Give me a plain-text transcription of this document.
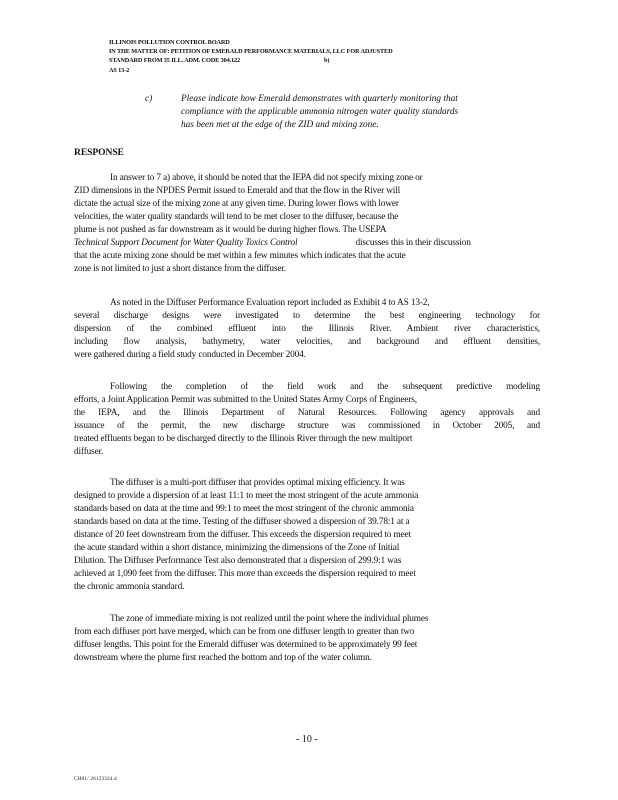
ILLINOIS POLLUTION CONTROL BOARD
IN THE MATTER OF: PETITION OF EMERALD PERFORMANCE MATERIALS, LLC FOR ADJUSTED
STANDARD FROM 35 ILL. ADM. CODE 304.122	b)
AS 13-2
c)	Please indicate how Emerald demonstrates with quarterly monitoring that
compliance with the applicable ammonia nitrogen water quality standards
has been met at the edge of the ZID and mixing zone.
RESPONSE
In answer to 7 a) above, it should be noted that the IEPA did not specify mixing zone or
ZID dimensions in the NPDES Permit issued to Emerald and that the flow in the River will
dictate the actual size of the mixing zone at any given time. During lower flows with lower
velocities, the water quality standards will tend to be met closer to the diffuser, because the
plume is not pushed as far downstream as it would be during higher flows. The USEPA
Technical Support Document for Water Quality Toxics Control	discusses this in their discussion
that the acute mixing zone should be met within a few minutes which indicates that the acute
zone is not limited to just a short distance from the diffuser.
As noted in the Diffuser Performance Evaluation report included as Exhibit 4 to AS 13-2,
several discharge designs were investigated to determine the best engineering technology for
dispersion of the combined effluent into the Illinois River. Ambient river characteristics,
including flow analysis, bathymetry, water velocities, and background and effluent densities,
were gathered during a field study conducted in December 2004.
Following the completion of the field work and the subsequent predictive modeling
efforts, a Joint Application Permit was submitted to the United States Army Corps of Engineers,
the IEPA, and the Illinois Department of Natural Resources. Following agency approvals and
issuance of the permit, the new discharge structure was commissioned in October 2005, and
treated effluents began to be discharged directly to the Illinois River through the new multiport
diffuser.
The diffuser is a multi-port diffuser that provides optimal mixing efficiency. It was
designed to provide a dispersion of at least 11:1 to meet the most stringent of the acute ammonia
standards based on data at the time and 99:1 to meet the most stringent of the chronic ammonia
standards based on data at the time. Testing of the diffuser showed a dispersion of 39.78:1 at a
distance of 20 feet downstream from the diffuser. This exceeds the dispersion required to meet
the acute standard within a short distance, minimizing the dimensions of the Zone of Initial
Dilution. The Diffuser Performance Test also demonstrated that a dispersion of 299.9:1 was
achieved at 1,090 feet from the diffuser. This more than exceeds the dispersion required to meet
the chronic ammonia standard.
The zone of immediate mixing is not realized until the point where the individual plumes
from each diffuser port have merged, which can be from one diffuser length to greater than two
diffuser lengths. This point for the Emerald diffuser was determined to be approximately 99 feet
downstream where the plume first reached the bottom and top of the water column.
- 10 -
CH01/ 26123324.4
